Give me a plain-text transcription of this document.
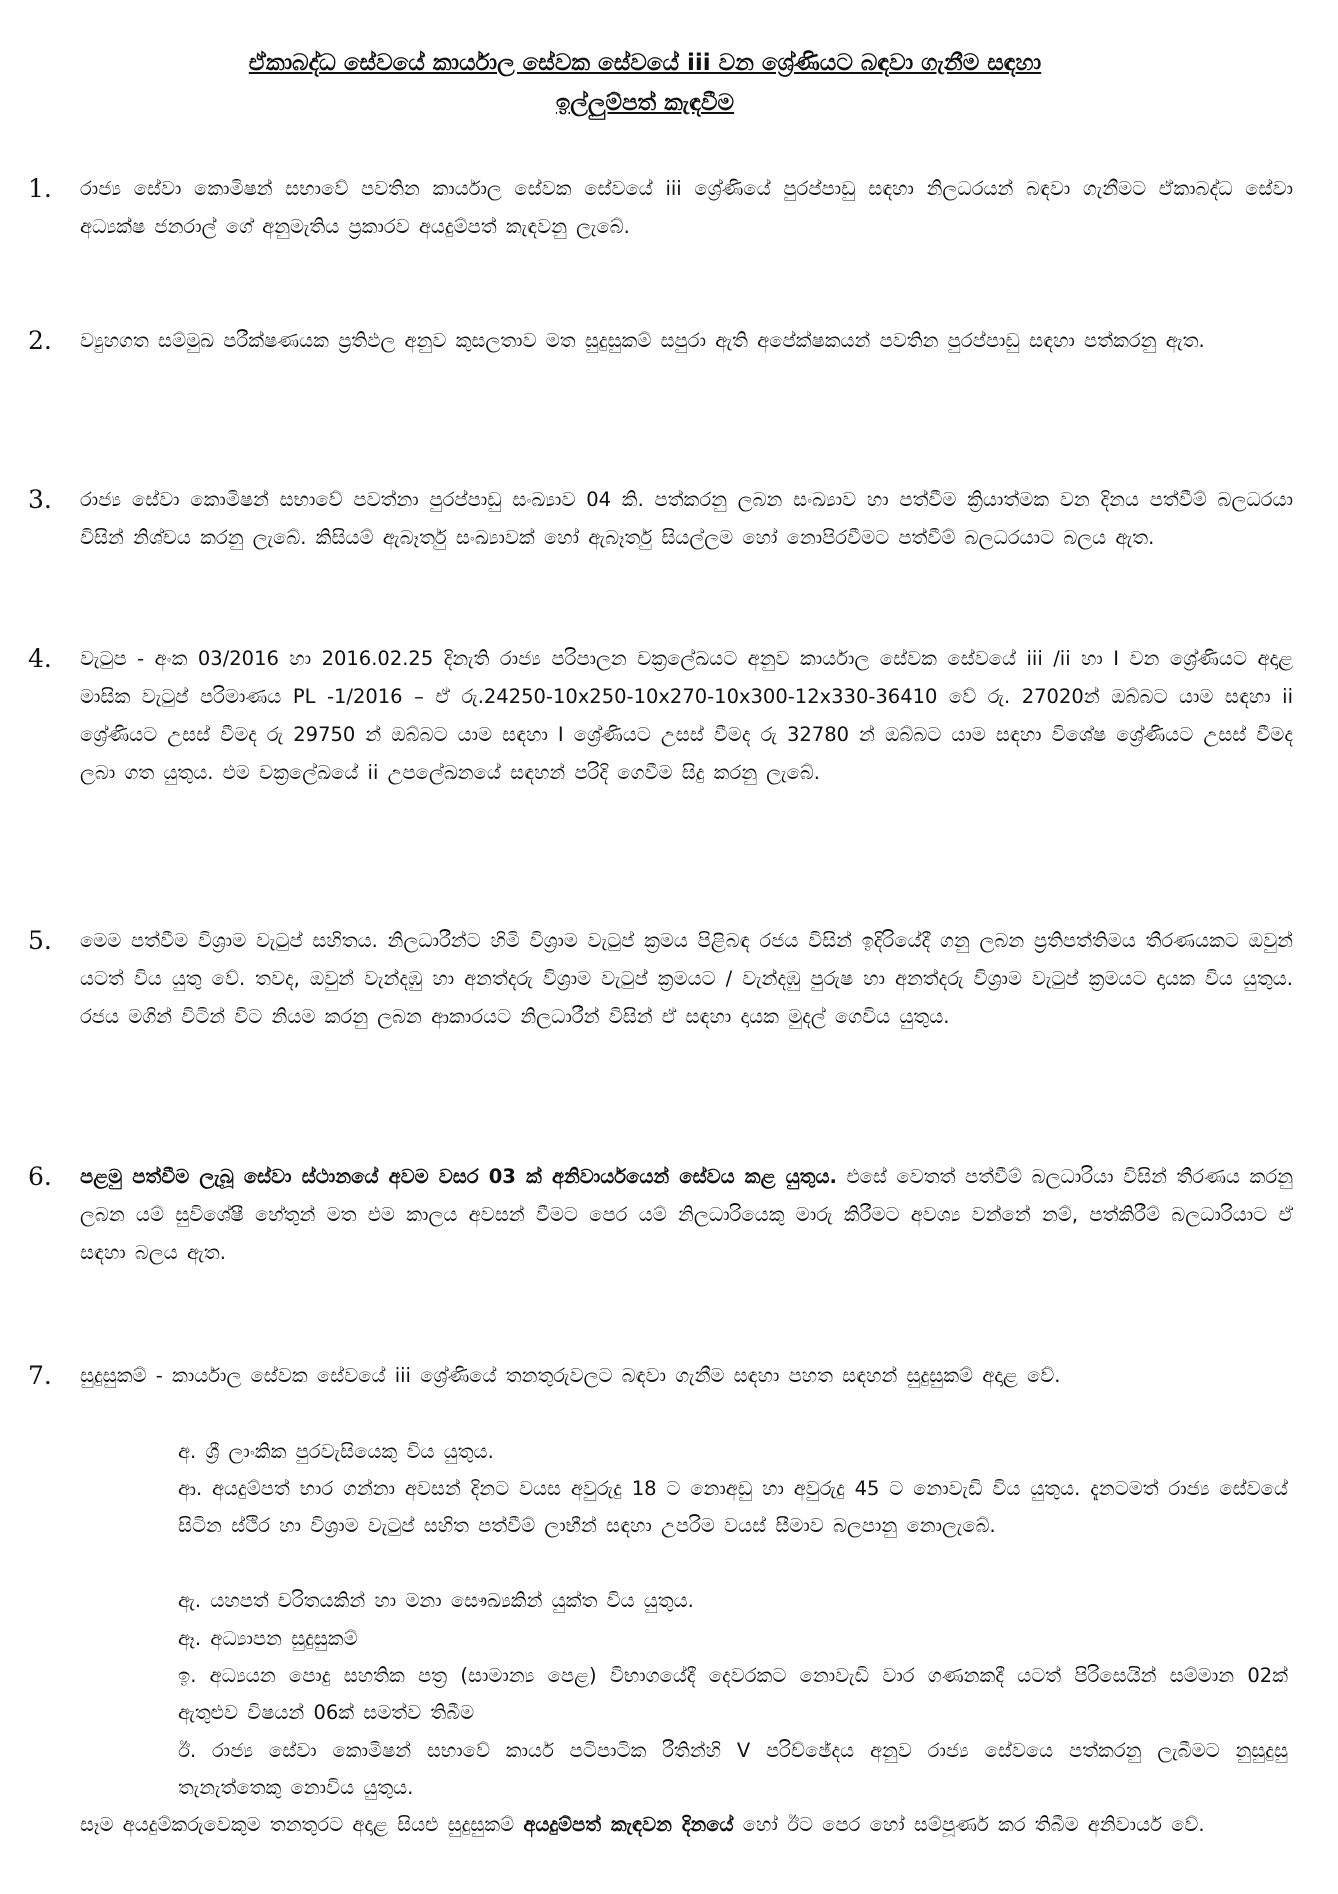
ඒකාබද්ධ සේවයේ කාර්යාල සේවක සේවයේ iii වන ශ්‍රේණියට බඳවා ගැනීම සඳහා
ඉල්ලුම්පත් කැඳවීම
1.	රාජ්‍ය සේවා කොමිෂන් සභාවේ පවතින කාර්යාල සේවක සේවයේ iii ශ්‍රේණියේ පුරප්පාඩු සඳහා නිලධරයන් බඳවා ගැනීමට ඒකාබද්ධ සේවා අධ්‍යක්ෂ ජනරාල් ගේ අනුමැතිය ප්‍රකාරව අයදුම්පත් කැඳවනු ලැබේ.
2.	ව්‍යුහගත සම්මුඛ පරීක්ෂණයක ප්‍රතිඵල අනුව කුසලතාව මත සුදුසුකම් සපුරා ඇති අපේක්ෂකයන් පවතින පුරප්පාඩු සඳහා පත්කරනු ඇත.
3.	රාජ්‍ය සේවා කොමිෂන් සභාවේ පවත්නා පුරප්පාඩු සංඛ්‍යාව 04 කි. පත්කරනු ලබන සංඛ්‍යාව හා පත්වීම ක්‍රියාත්මක වන දිනය පත්වීම් බලධරයා විසින් නිශ්චය කරනු ලැබේ. කිසියම් ඇබෑර්තු සංඛ්‍යාවක් හෝ ඇබෑර්තු සියල්ලම හෝ නොපිරවීමට පත්වීම් බලධරයාට බලය ඇත.
4.	වැටුප - අංක 03/2016 හා 2016.02.25 දිනැති රාජ්‍ය පරිපාලන චක්‍රලේඛයට අනුව කාර්යාල සේවක සේවයේ iii /ii හා I වන ශ්‍රේණියට අදාළ මාසික වැටුප් පරිමාණය PL -1/2016 – ඒ රු.24250-10x250-10x270-10x300-12x330-36410 වේ රු. 27020න් ඔබ්බට යාම සඳහා ii ශ්‍රේණියට උසස් වීමද රු 29750 න් ඔබ්බට යාම සඳහා I ශ්‍රේණියට උසස් වීමද රු 32780 න් ඔබ්බට යාම සඳහා විශේෂ ශ්‍රේණියට උසස් වීමද ලබා ගත යුතුය. එම චක්‍රලේඛයේ ii උපලේඛනයේ සඳහන් පරිදි ගෙවීම සිදු කරනු ලැබේ.
5.	මෙම පත්වීම විශ්‍රාම වැටුප් සහිතය. නිලධාරීන්ට හිමි විශ්‍රාම වැටුප් ක්‍රමය පිළිබඳ රජය විසින් ඉදිරියේදී ගනු ලබන ප්‍රතිපත්තිමය තීරණයකට ඔවුන් යටත් විය යුතු වේ. තවද, ඔවුන් වැන්දඹු හා අනත්දරු විශ්‍රාම වැටුප් ක්‍රමයට / වැන්දඹු පුරුෂ හා අනත්දරු විශ්‍රාම වැටුප් ක්‍රමයට දායක විය යුතුය. රජය මගින් විටින් විට නියම කරනු ලබන ආකාරයට නිලධාරීන් විසින් ඒ සඳහා දායක මුදල් ගෙවිය යුතුය.
6.	පළමු පත්වීම ලැබූ සේවා ස්ථානයේ අවම වසර 03 ක් අනිවාර්යයෙන් සේවය කළ යුතුය. එසේ වෙතත් පත්වීම් බලධාරියා විසින් තීරණය කරනු ලබන යම් සුවිශේෂී හේතුන් මත එම කාලය අවසන් වීමට පෙර යම් නිලධාරියෙකු මාරු කිරීමට අවශ්‍ය වන්නේ නම්, පත්කිරීම් බලධාරියාට ඒ සඳහා බලය ඇත.
7.	සුදුසුකම් - කාර්යාල සේවක සේවයේ iii ශ්‍රේණියේ තනතුරුවලට බඳවා ගැනීම සඳහා පහත සඳහන් සුදුසුකම් අදාළ වේ.
අ. ශ්‍රී ලාංකික පුරවැසියෙකු විය යුතුය.
ආ. අයදුම්පත් භාර ගන්නා අවසන් දිනට වයස අවුරුදු 18 ට නොඅඩු හා අවුරුදු 45 ට නොවැඩි විය යුතුය. දැනටමත් රාජ්‍ය සේවයේ සිටින ස්ථිර හා විශ්‍රාම වැටුප් සහිත පත්වීම් ලාභීන් සඳහා උපරිම වයස් සීමාව බලපානු නොලැබේ.
ඇ. යහපත් චරිතයකින් හා මනා සෞඛ්‍යකින් යුක්ත විය යුතුය.
ඈ. අධ්‍යාපන සුදුසුකම්
ඉ. අධ්‍යයන පොදු සහතික පත්‍ර (සාමාන්‍ය පෙළ) විභාගයේදී දෙවරකට නොවැඩි වාර ගණනකදී යටත් පිරිසෙයින් සම්මාන 02ක් ඇතුළුව විෂයන් 06ක් සමත්ව තිබීම
ඊ. රාජ්‍ය සේවා කොමිෂන් සභාවේ කාර්ය පටිපාටික රීතින්හි V පරිච්ඡේදය අනුව රාජ්‍ය සේවයෙ පත්කරනු ලැබීමට නුසුදුසු තැනැත්තෙකු නොවිය යුතුය.
සෑම අයදුම්කරුවෙකුම තනතුරට අදාළ සියළු සුදුසුකම් අයදුම්පත් කැඳවන දිනයේ හෝ ඊට පෙර හෝ සම්පූර්ණ කර තිබීම අනිවාර්ය වේ.
